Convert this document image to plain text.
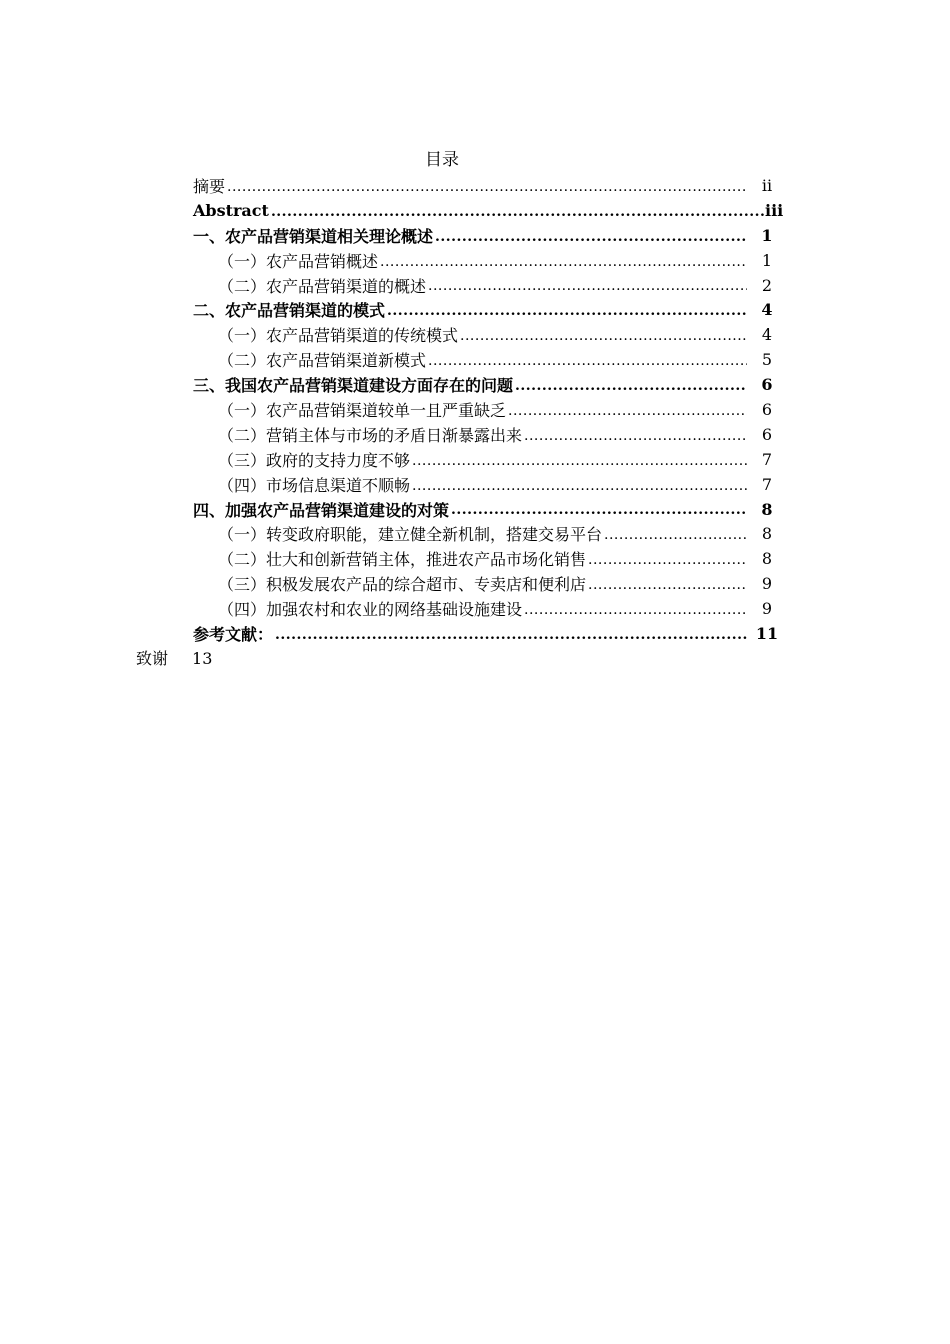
目录
摘要 .....	ii
Abstract .....	iii
一、农产品营销渠道相关理论概述 .....	1
（一）农产品营销概述 .....	1
（二）农产品营销渠道的概述 .....	2
二、农产品营销渠道的模式 .....	4
（一）农产品营销渠道的传统模式 .....	4
（二）农产品营销渠道新模式 .....	5
三、我国农产品营销渠道建设方面存在的问题 .....	6
（一）农产品营销渠道较单一且严重缺乏 .....	6
（二）营销主体与市场的矛盾日渐暴露出来 .....	6
（三）政府的支持力度不够 .....	7
（四）市场信息渠道不顺畅 .....	7
四、加强农产品营销渠道建设的对策 .....	8
（一）转变政府职能，建立健全新机制，搭建交易平台 .....	8
（二）壮大和创新营销主体，推进农产品市场化销售 .....	8
（三）积极发展农产品的综合超市、专卖店和便利店 .....	9
（四）加强农村和农业的网络基础设施建设 .....	9
参考文献： .....	11
致谢 13
